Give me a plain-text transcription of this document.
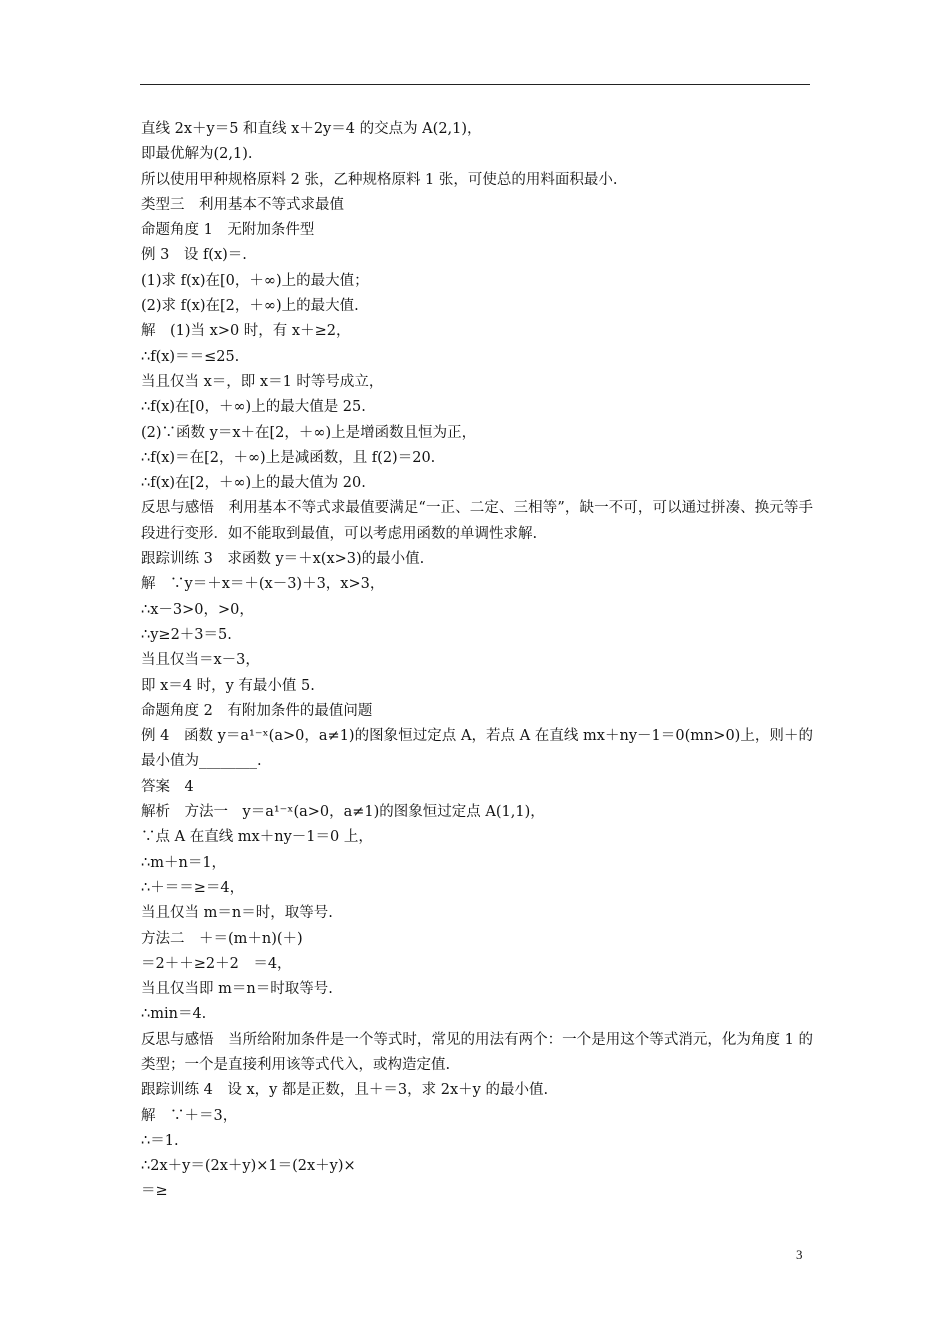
直线 2x＋y＝5 和直线 x＋2y＝4 的交点为 A(2,1)，
即最优解为(2,1).
所以使用甲种规格原料 2 张，乙种规格原料 1 张，可使总的用料面积最小.
类型三　利用基本不等式求最值
命题角度 1　无附加条件型
例 3　设 f(x)＝.
(1)求 f(x)在[0，＋∞)上的最大值；
(2)求 f(x)在[2，＋∞)上的最大值.
解　(1)当 x>0 时，有 x＋≥2，
∴f(x)＝＝≤25.
当且仅当 x＝，即 x＝1 时等号成立，
∴f(x)在[0，＋∞)上的最大值是 25.
(2)∵函数 y＝x＋在[2，＋∞)上是增函数且恒为正，
∴f(x)＝在[2，＋∞)上是减函数，且 f(2)＝20.
∴f(x)在[2，＋∞)上的最大值为 20.
反思与感悟　利用基本不等式求最值要满足“一正、二定、三相等”，缺一不可，可以通过拼凑、换元等手段进行变形．如不能取到最值，可以考虑用函数的单调性求解.
跟踪训练 3　求函数 y＝＋x(x>3)的最小值.
解　∵y＝＋x＝＋(x－3)＋3，x>3，
∴x－3>0，>0，
∴y≥2＋3＝5.
当且仅当＝x－3，
即 x＝4 时，y 有最小值 5.
命题角度 2　有附加条件的最值问题
例 4　函数 y＝a¹⁻ˣ(a>0，a≠1)的图象恒过定点 A，若点 A 在直线 mx＋ny－1＝0(mn>0)上，则＋的最小值为________.
答案　4
解析　方法一　y＝a¹⁻ˣ(a>0，a≠1)的图象恒过定点 A(1,1)，
∵点 A 在直线 mx＋ny－1＝0 上，
∴m＋n＝1，
∴＋＝＝≥＝4，
当且仅当 m＝n＝时，取等号.
方法二　＋＝(m＋n)(＋)
＝2＋＋≥2＋2　＝4，
当且仅当即 m＝n＝时取等号.
∴min＝4.
反思与感悟　当所给附加条件是一个等式时，常见的用法有两个：一个是用这个等式消元，化为角度 1 的类型；一个是直接利用该等式代入，或构造定值.
跟踪训练 4　设 x，y 都是正数，且＋＝3，求 2x＋y 的最小值.
解　∵＋＝3，
∴＝1.
∴2x＋y＝(2x＋y)×1＝(2x＋y)×
＝≥
3
